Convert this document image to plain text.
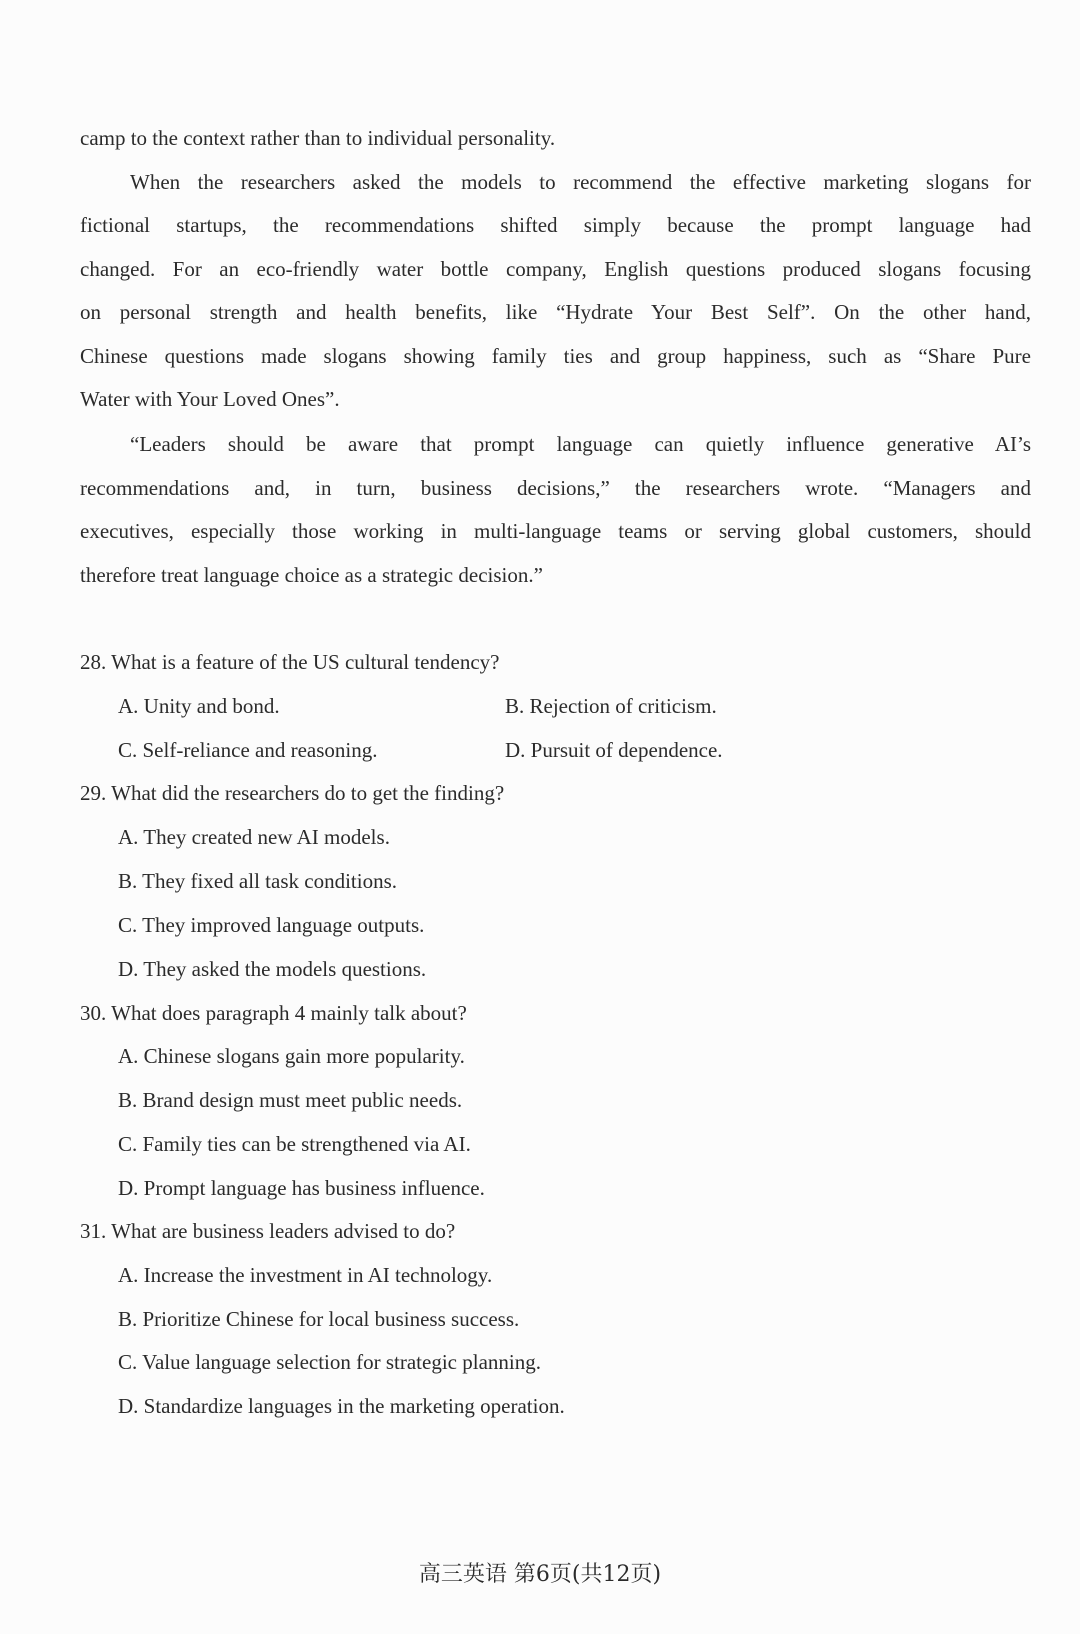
camp to the context rather than to individual personality.
When the researchers asked the models to recommend the effective marketing slogans for
fictional startups, the recommendations shifted simply because the prompt language had
changed. For an eco-friendly water bottle company, English questions produced slogans focusing
on personal strength and health benefits, like “Hydrate Your Best Self”. On the other hand,
Chinese questions made slogans showing family ties and group happiness, such as “Share Pure
Water with Your Loved Ones”.
“Leaders should be aware that prompt language can quietly influence generative AI’s
recommendations and, in turn, business decisions,” the researchers wrote. “Managers and
executives, especially those working in multi-language teams or serving global customers, should
therefore treat language choice as a strategic decision.”
28. What is a feature of the US cultural tendency?
A. Unity and bond.	B. Rejection of criticism.
C. Self-reliance and reasoning.	D. Pursuit of dependence.
29. What did the researchers do to get the finding?
A. They created new AI models.
B. They fixed all task conditions.
C. They improved language outputs.
D. They asked the models questions.
30. What does paragraph 4 mainly talk about?
A. Chinese slogans gain more popularity.
B. Brand design must meet public needs.
C. Family ties can be strengthened via AI.
D. Prompt language has business influence.
31. What are business leaders advised to do?
A. Increase the investment in AI technology.
B. Prioritize Chinese for local business success.
C. Value language selection for strategic planning.
D. Standardize languages in the marketing operation.
高三英语 第6页(共12页)
